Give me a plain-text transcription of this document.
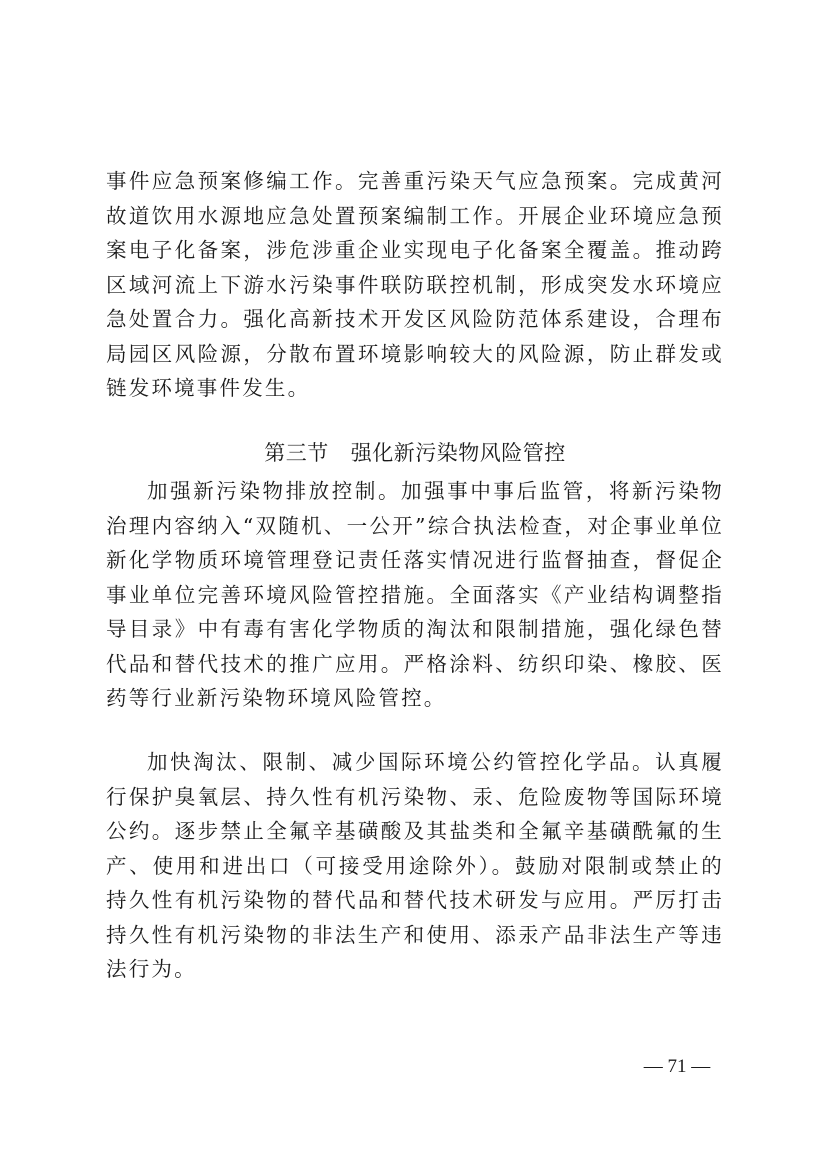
事件应急预案修编工作。完善重污染天气应急预案。完成黄河故道饮用水源地应急处置预案编制工作。开展企业环境应急预案电子化备案，涉危涉重企业实现电子化备案全覆盖。推动跨区域河流上下游水污染事件联防联控机制，形成突发水环境应急处置合力。强化高新技术开发区风险防范体系建设，合理布局园区风险源，分散布置环境影响较大的风险源，防止群发或链发环境事件发生。

第三节 强化新污染物风险管控

加强新污染物排放控制。加强事中事后监管，将新污染物治理内容纳入“双随机、一公开”综合执法检查，对企事业单位新化学物质环境管理登记责任落实情况进行监督抽查，督促企事业单位完善环境风险管控措施。全面落实《产业结构调整指导目录》中有毒有害化学物质的淘汰和限制措施，强化绿色替代品和替代技术的推广应用。严格涂料、纺织印染、橡胶、医药等行业新污染物环境风险管控。

加快淘汰、限制、减少国际环境公约管控化学品。认真履行保护臭氧层、持久性有机污染物、汞、危险废物等国际环境公约。逐步禁止全氟辛基磺酸及其盐类和全氟辛基磺酰氟的生产、使用和进出口（可接受用途除外）。鼓励对限制或禁止的持久性有机污染物的替代品和替代技术研发与应用。严厉打击持久性有机污染物的非法生产和使用、添汞产品非法生产等违法行为。

— 71 —
